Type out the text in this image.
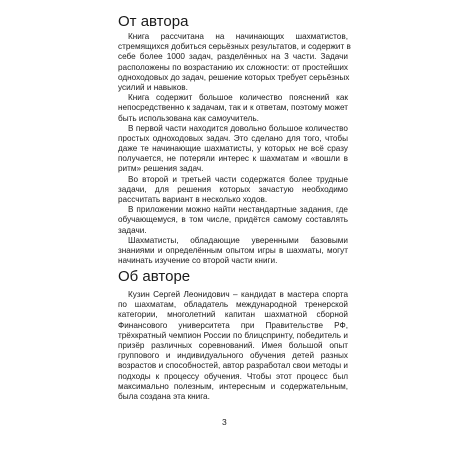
От автора
Книга рассчитана на начинающих шахматистов,
стремящихся добиться серьёзных результатов, и содержит в
себе более 1000 задач, разделённых на 3 части. Задачи
расположены по возрастанию их сложности: от простейших
одноходовых до задач, решение которых требует серьёзных
усилий и навыков.
Книга содержит большое количество пояснений как
непосредственно к задачам, так и к ответам, поэтому может
быть использована как самоучитель.
В первой части находится довольно большое количество
простых одноходовых задач. Это сделано для того, чтобы
даже те начинающие шахматисты, у которых не всё сразу
получается, не потеряли интерес к шахматам и «вошли в
ритм» решения задач.
Во второй и третьей части содержатся более трудные
задачи, для решения которых зачастую необходимо
рассчитать вариант в несколько ходов.
В приложении можно найти нестандартные задания, где
обучающемуся, в том числе, придётся самому составлять
задачи.
Шахматисты, обладающие уверенными базовыми
знаниями и определённым опытом игры в шахматы, могут
начинать изучение со второй части книги.
Об авторе
Кузин Сергей Леонидович – кандидат в мастера спорта
по шахматам, обладатель международной тренерской
категории, многолетний капитан шахматной сборной
Финансового университета при Правительстве РФ,
трёхкратный чемпион России по блицспринту, победитель и
призёр различных соревнований. Имея большой опыт
группового и индивидуального обучения детей разных
возрастов и способностей, автор разработал свои методы и
подходы к процессу обучения. Чтобы этот процесс был
максимально полезным, интересным и содержательным,
была создана эта книга.
3
